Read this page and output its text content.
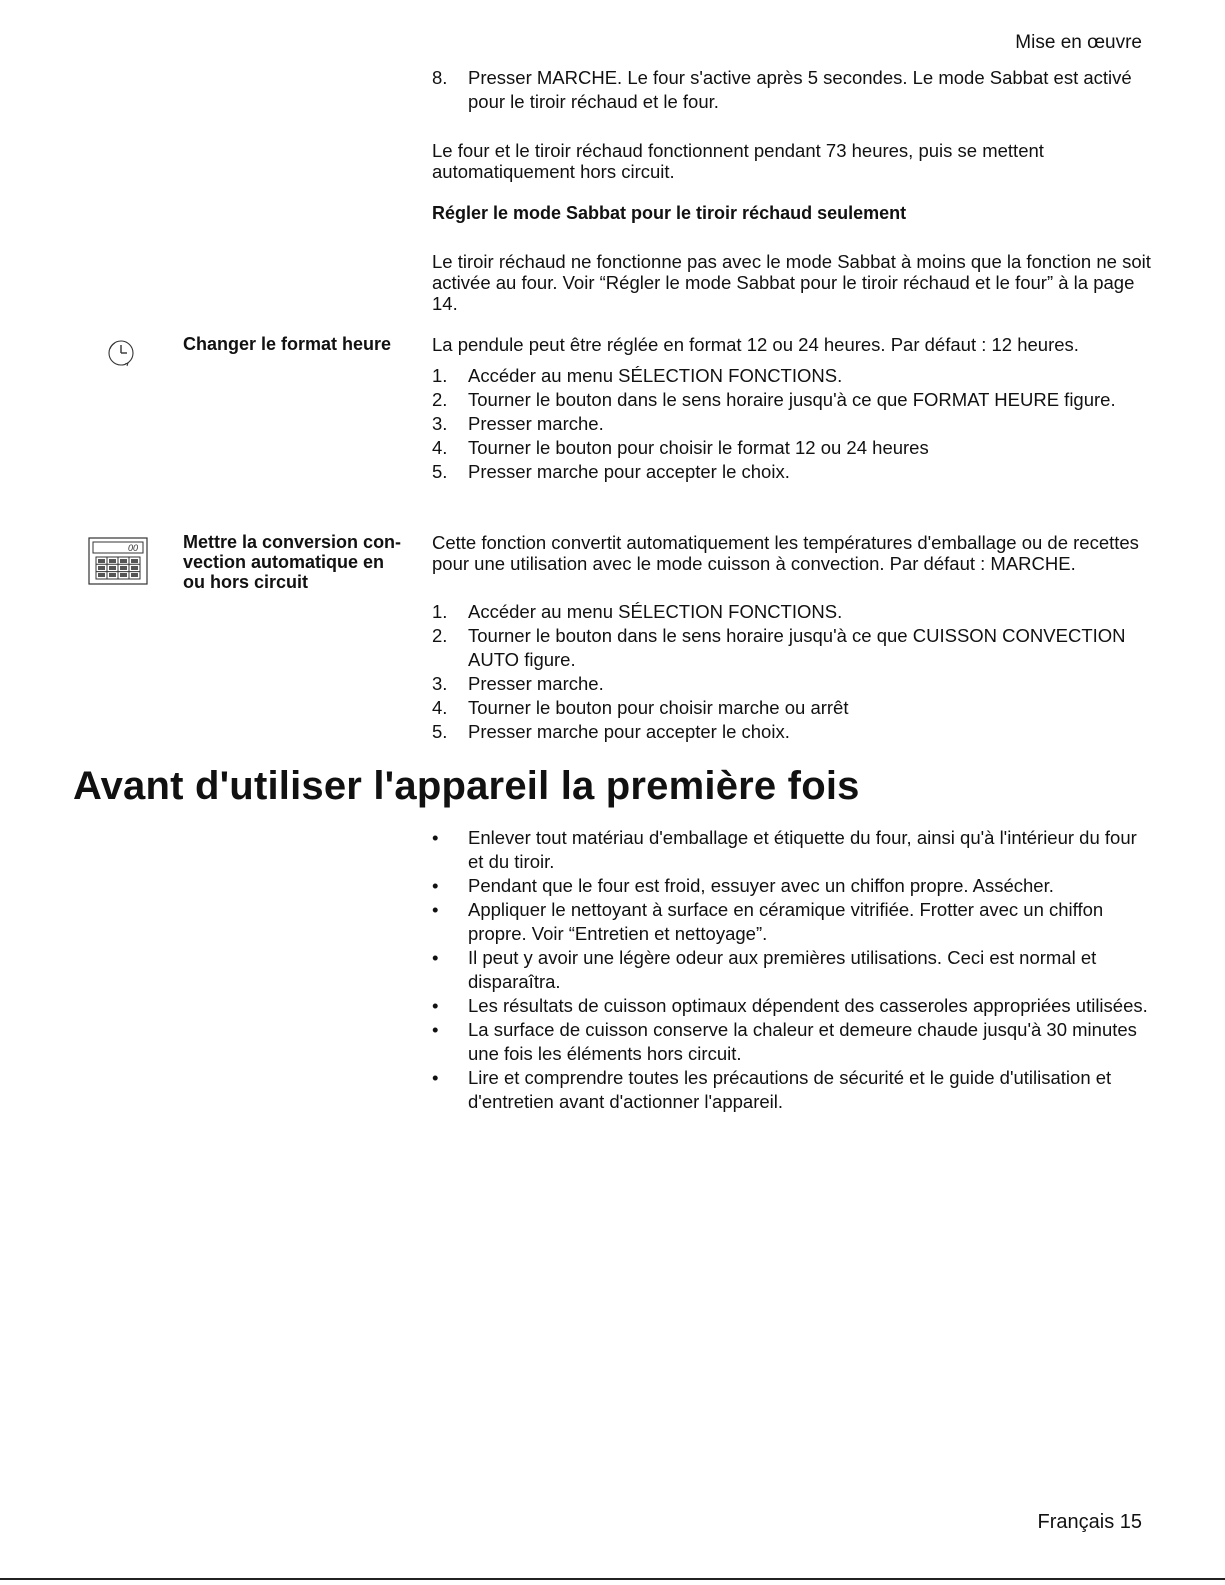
Mise en œuvre
8. Presser MARCHE. Le four s'active après 5 secondes. Le mode Sabbat est activé pour le tiroir réchaud et le four.

Le four et le tiroir réchaud fonctionnent pendant 73 heures, puis se mettent automatiquement hors circuit.

Régler le mode Sabbat pour le tiroir réchaud seulement

Le tiroir réchaud ne fonctionne pas avec le mode Sabbat à moins que la fonction ne soit activée au four. Voir “Régler le mode Sabbat pour le tiroir réchaud et le four” à la page 14.

Changer le format heure	La pendule peut être réglée en format 12 ou 24 heures. Par défaut : 12 heures.

1. Accéder au menu SÉLECTION FONCTIONS.
2. Tourner le bouton dans le sens horaire jusqu'à ce que FORMAT HEURE figure.
3. Presser marche.
4. Tourner le bouton pour choisir le format 12 ou 24 heures
5. Presser marche pour accepter le choix.
00	Mettre la conversion con-
vection automatique en
ou hors circuit

Cette fonction convertit automatiquement les températures d'emballage ou de recettes pour une utilisation avec le mode cuisson à convection. Par défaut : MARCHE.

1. Accéder au menu SÉLECTION FONCTIONS.
2. Tourner le bouton dans le sens horaire jusqu'à ce que CUISSON CONVECTION AUTO figure.
3. Presser marche.
4. Tourner le bouton pour choisir marche ou arrêt
5. Presser marche pour accepter le choix.
Avant d'utiliser l'appareil la première fois
• Enlever tout matériau d'emballage et étiquette du four, ainsi qu'à l'intérieur du four et du tiroir.
• Pendant que le four est froid, essuyer avec un chiffon propre. Assécher.
• Appliquer le nettoyant à surface en céramique vitrifiée. Frotter avec un chiffon propre. Voir “Entretien et nettoyage”.
• Il peut y avoir une légère odeur aux premières utilisations. Ceci est normal et disparaîtra.
• Les résultats de cuisson optimaux dépendent des casseroles appropriées utilisées.
• La surface de cuisson conserve la chaleur et demeure chaude jusqu'à 30 minutes une fois les éléments hors circuit.
• Lire et comprendre toutes les précautions de sécurité et le guide d'utilisation et d'entretien avant d'actionner l'appareil.
Français 15
